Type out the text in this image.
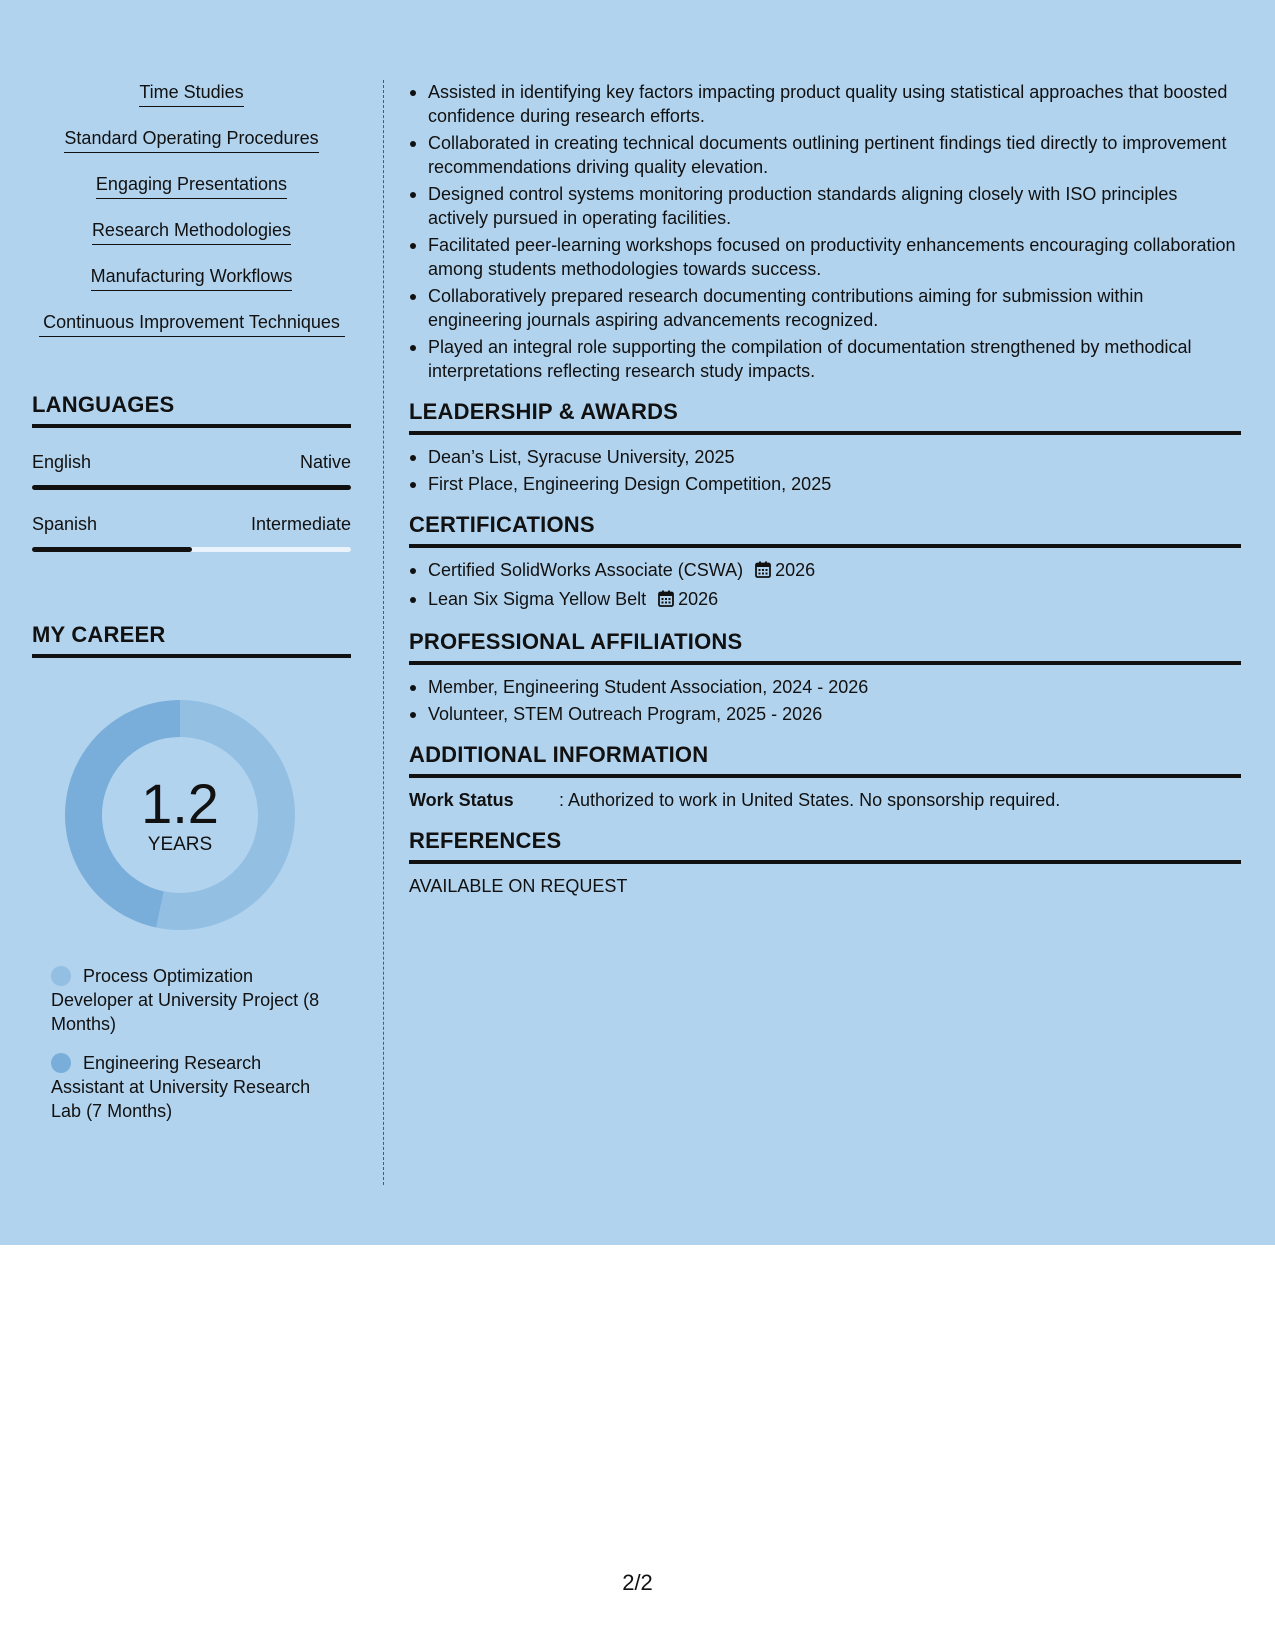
Time Studies
Standard Operating Procedures
Engaging Presentations
Research Methodologies
Manufacturing Workflows
Continuous Improvement Techniques
LANGUAGES
English	Native
Spanish	Intermediate
MY CAREER
1.2
YEARS
Process Optimization Developer at University Project (8 Months)
Engineering Research Assistant at University Research Lab (7 Months)
Assisted in identifying key factors impacting product quality using statistical approaches that boosted confidence during research efforts.
Collaborated in creating technical documents outlining pertinent findings tied directly to improvement recommendations driving quality elevation.
Designed control systems monitoring production standards aligning closely with ISO principles actively pursued in operating facilities.
Facilitated peer-learning workshops focused on productivity enhancements encouraging collaboration among students methodologies towards success.
Collaboratively prepared research documenting contributions aiming for submission within engineering journals aspiring advancements recognized.
Played an integral role supporting the compilation of documentation strengthened by methodical interpretations reflecting research study impacts.
LEADERSHIP & AWARDS
Dean’s List, Syracuse University, 2025
First Place, Engineering Design Competition, 2025
CERTIFICATIONS
Certified SolidWorks Associate (CSWA) 2026
Lean Six Sigma Yellow Belt 2026
PROFESSIONAL AFFILIATIONS
Member, Engineering Student Association, 2024 - 2026
Volunteer, STEM Outreach Program, 2025 - 2026
ADDITIONAL INFORMATION
Work Status	: Authorized to work in United States. No sponsorship required.
REFERENCES
AVAILABLE ON REQUEST
2/2
